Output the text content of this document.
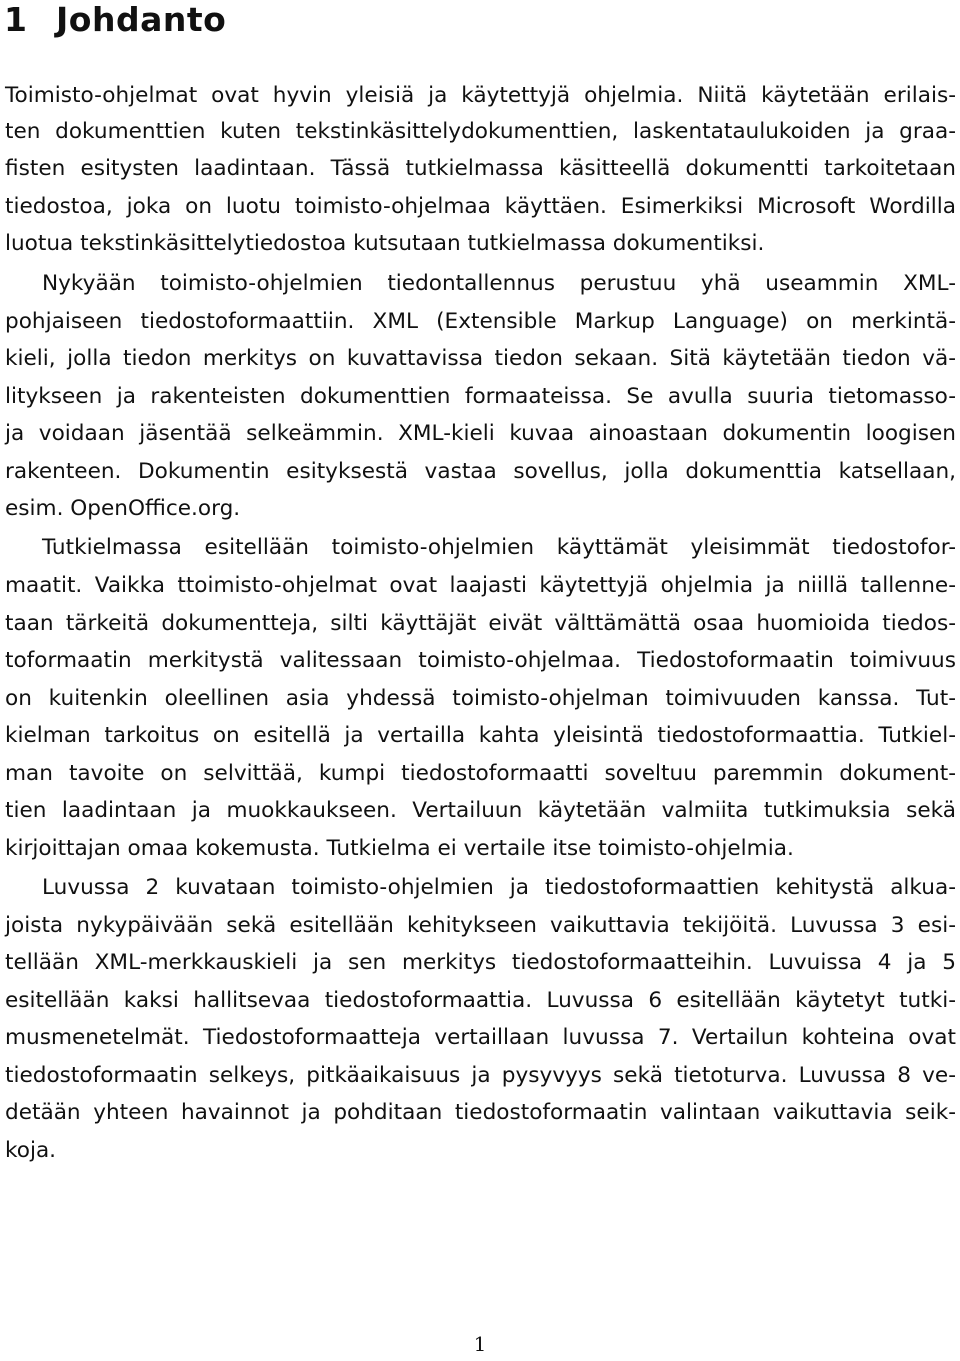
1 Johdanto

Toimisto-ohjelmat ovat hyvin yleisiä ja käytettyjä ohjelmia. Niitä käytetään erilais-

ten dokumenttien kuten tekstinkäsittelydokumenttien, laskentataulukoiden ja graa-

fisten esitysten laadintaan. Tässä tutkielmassa käsitteellä dokumentti tarkoitetaan

tiedostoa, joka on luotu toimisto-ohjelmaa käyttäen. Esimerkiksi Microsoft Wordilla

luotua tekstinkäsittelytiedostoa kutsutaan tutkielmassa dokumentiksi.

Nykyään toimisto-ohjelmien tiedontallennus perustuu yhä useammin XML-

pohjaiseen tiedostoformaattiin. XML (Extensible Markup Language) on merkintä-

kieli, jolla tiedon merkitys on kuvattavissa tiedon sekaan. Sitä käytetään tiedon vä-

litykseen ja rakenteisten dokumenttien formaateissa. Se avulla suuria tietomasso-

ja voidaan jäsentää selkeämmin. XML-kieli kuvaa ainoastaan dokumentin loogisen

rakenteen. Dokumentin esityksestä vastaa sovellus, jolla dokumenttia katsellaan,

esim. OpenOffice.org.

Tutkielmassa esitellään toimisto-ohjelmien käyttämät yleisimmät tiedostofor-

maatit. Vaikka ttoimisto-ohjelmat ovat laajasti käytettyjä ohjelmia ja niillä tallenne-

taan tärkeitä dokumentteja, silti käyttäjät eivät välttämättä osaa huomioida tiedos-

toformaatin merkitystä valitessaan toimisto-ohjelmaa. Tiedostoformaatin toimivuus

on kuitenkin oleellinen asia yhdessä toimisto-ohjelman toimivuuden kanssa. Tut-

kielman tarkoitus on esitellä ja vertailla kahta yleisintä tiedostoformaattia. Tutkiel-

man tavoite on selvittää, kumpi tiedostoformaatti soveltuu paremmin dokument-

tien laadintaan ja muokkaukseen. Vertailuun käytetään valmiita tutkimuksia sekä

kirjoittajan omaa kokemusta. Tutkielma ei vertaile itse toimisto-ohjelmia.

Luvussa 2 kuvataan toimisto-ohjelmien ja tiedostoformaattien kehitystä alkua-

joista nykypäivään sekä esitellään kehitykseen vaikuttavia tekijöitä. Luvussa 3 esi-

tellään XML-merkkauskieli ja sen merkitys tiedostoformaatteihin. Luvuissa 4 ja 5

esitellään kaksi hallitsevaa tiedostoformaattia. Luvussa 6 esitellään käytetyt tutki-

musmenetelmät. Tiedostoformaatteja vertaillaan luvussa 7. Vertailun kohteina ovat

tiedostoformaatin selkeys, pitkäaikaisuus ja pysyvyys sekä tietoturva. Luvussa 8 ve-

detään yhteen havainnot ja pohditaan tiedostoformaatin valintaan vaikuttavia seik-

koja.

1
